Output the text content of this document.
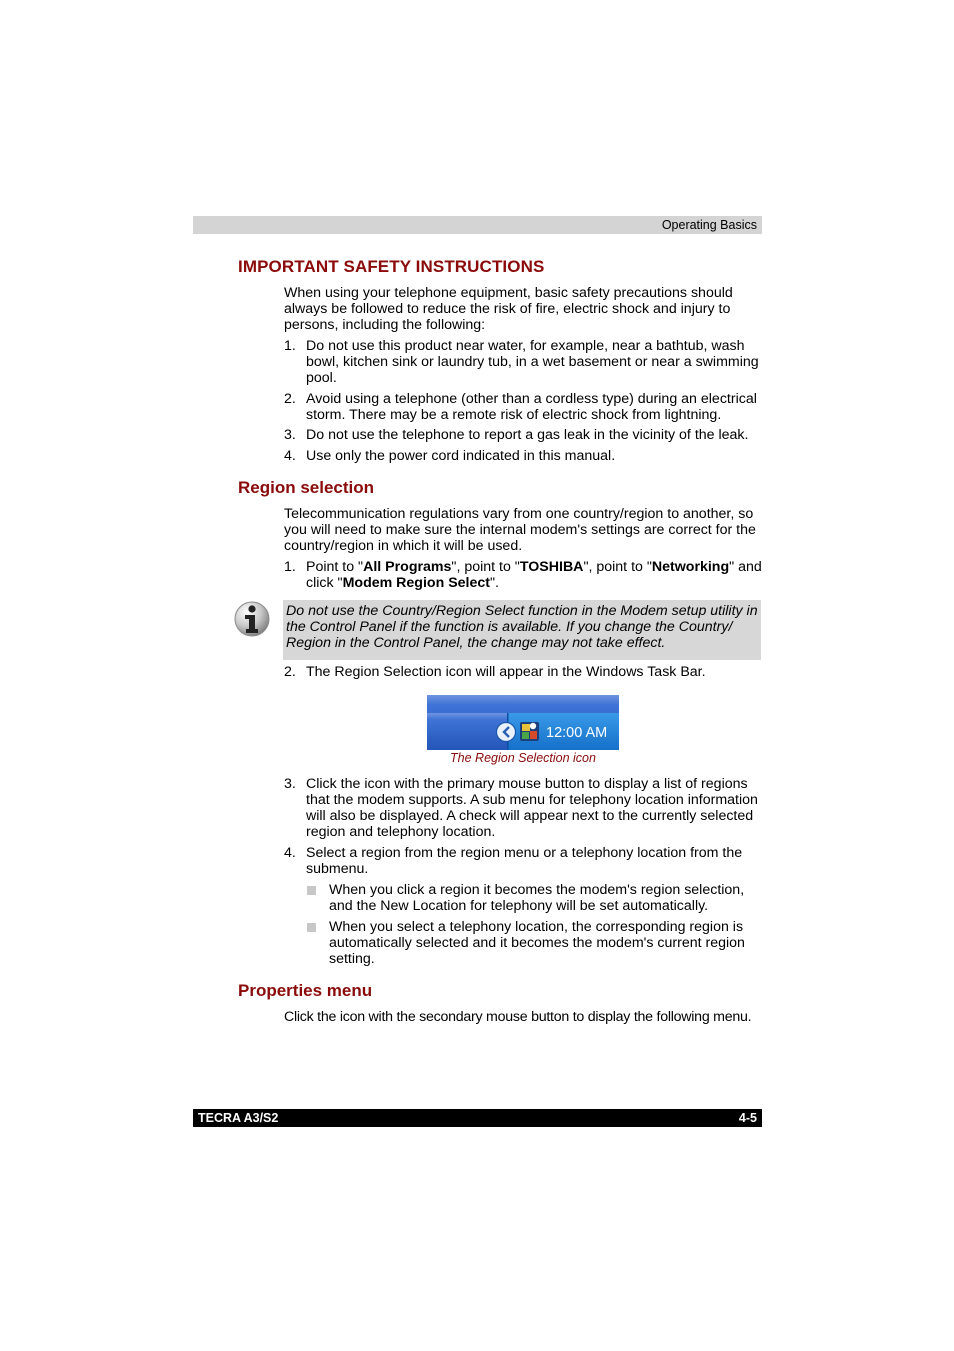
Operating Basics
IMPORTANT SAFETY INSTRUCTIONS
When using your telephone equipment, basic safety precautions should
always be followed to reduce the risk of fire, electric shock and injury to
persons, including the following:
1. Do not use this product near water, for example, near a bathtub, wash
bowl, kitchen sink or laundry tub, in a wet basement or near a swimming
pool.
2. Avoid using a telephone (other than a cordless type) during an electrical
storm. There may be a remote risk of electric shock from lightning.
3. Do not use the telephone to report a gas leak in the vicinity of the leak.
4. Use only the power cord indicated in this manual.
Region selection
Telecommunication regulations vary from one country/region to another, so
you will need to make sure the internal modem's settings are correct for the
country/region in which it will be used.
1. Point to "All Programs", point to "TOSHIBA", point to "Networking" and
click "Modem Region Select".
Do not use the Country/Region Select function in the Modem setup utility in
the Control Panel if the function is available. If you change the Country/
Region in the Control Panel, the change may not take effect.
2. The Region Selection icon will appear in the Windows Task Bar.
12:00 AM
The Region Selection icon
3. Click the icon with the primary mouse button to display a list of regions
that the modem supports. A sub menu for telephony location information
will also be displayed. A check will appear next to the currently selected
region and telephony location.
4. Select a region from the region menu or a telephony location from the
submenu.
When you click a region it becomes the modem's region selection,
and the New Location for telephony will be set automatically.
When you select a telephony location, the corresponding region is
automatically selected and it becomes the modem's current region
setting.
Properties menu
Click the icon with the secondary mouse button to display the following menu.
TECRA A3/S2	4-5
